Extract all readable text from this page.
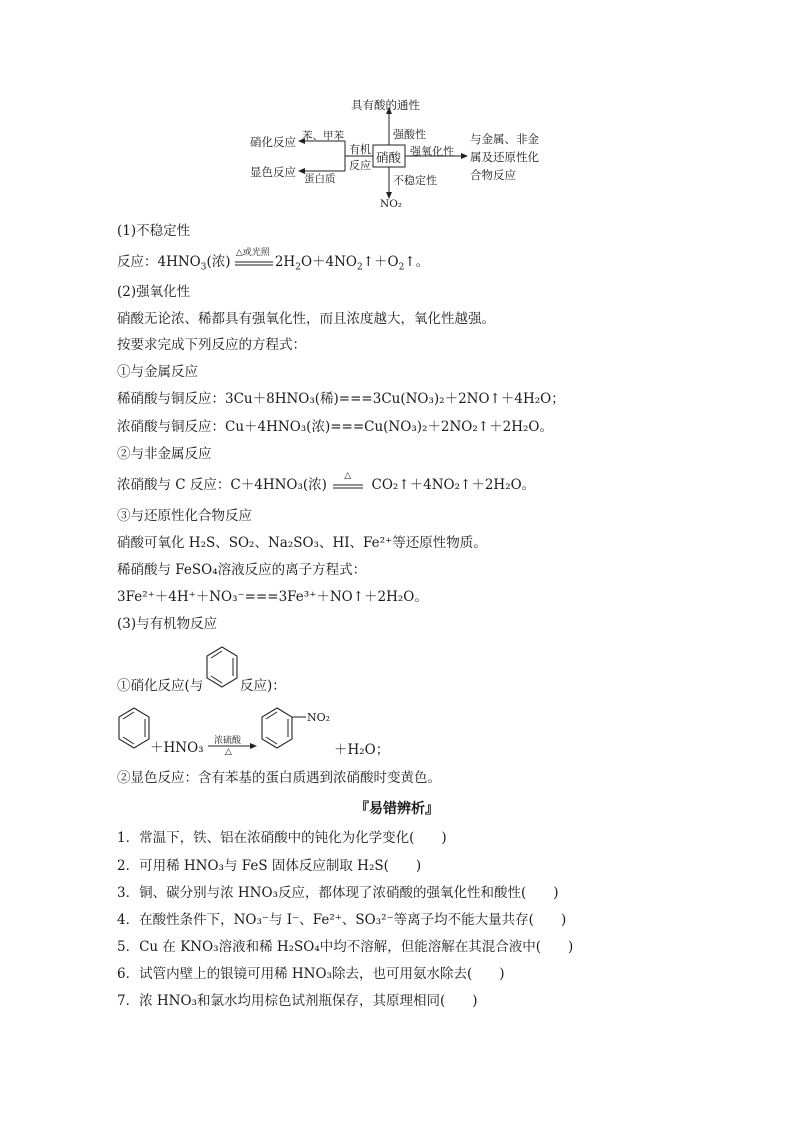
具有酸的通性
硝酸
硝化反应 苯、甲苯
显色反应 蛋白质
有机
反应
强酸性
强氧化性
不稳定性
NO₂
与金属、非金
属及还原性化
合物反应
(1)不稳定性
反应：$4HNO_3$(浓)
△或光照
$2H_2O+4NO_2↑+O_2↑$。
(2)强氧化性
硝酸无论浓、稀都具有强氧化性，而且浓度越大，氧化性越强。
按要求完成下列反应的方程式：
①与金属反应
稀硝酸与铜反应：3Cu＋8HNO₃(稀)===3Cu(NO₃)₂＋2NO↑＋4H₂O；
浓硝酸与铜反应：Cu＋4HNO₃(浓)===Cu(NO₃)₂＋2NO₂↑＋2H₂O。
②与非金属反应
浓硝酸与 C 反应：C＋4HNO₃(浓)
△
CO₂↑＋4NO₂↑＋2H₂O。
③与还原性化合物反应
硝酸可氧化 H₂S、SO₂、Na₂SO₃、HI、Fe²⁺等还原性物质。
稀硝酸与 FeSO₄溶液反应的离子方程式：
3Fe²⁺＋4H⁺＋NO₃⁻===3Fe³⁺＋NO↑＋2H₂O。
(3)与有机物反应
①硝化反应(与	反应)：
＋HNO₃ 浓硫酸
△
NO₂
＋H₂O；
②显色反应：含有苯基的蛋白质遇到浓硝酸时变黄色。
『易错辨析』
1．常温下，铁、铝在浓硝酸中的钝化为化学变化(　　)
2．可用稀 HNO₃与 FeS 固体反应制取 H₂S(　　)
3．铜、碳分别与浓 HNO₃反应，都体现了浓硝酸的强氧化性和酸性(　　)
4．在酸性条件下，NO₃⁻与 I⁻、Fe²⁺、SO₃²⁻等离子均不能大量共存(　　)
5．Cu 在 KNO₃溶液和稀 H₂SO₄中均不溶解，但能溶解在其混合液中(　　)
6．试管内壁上的银镜可用稀 HNO₃除去，也可用氨水除去(　　)
7．浓 HNO₃和氯水均用棕色试剂瓶保存，其原理相同(　　)
